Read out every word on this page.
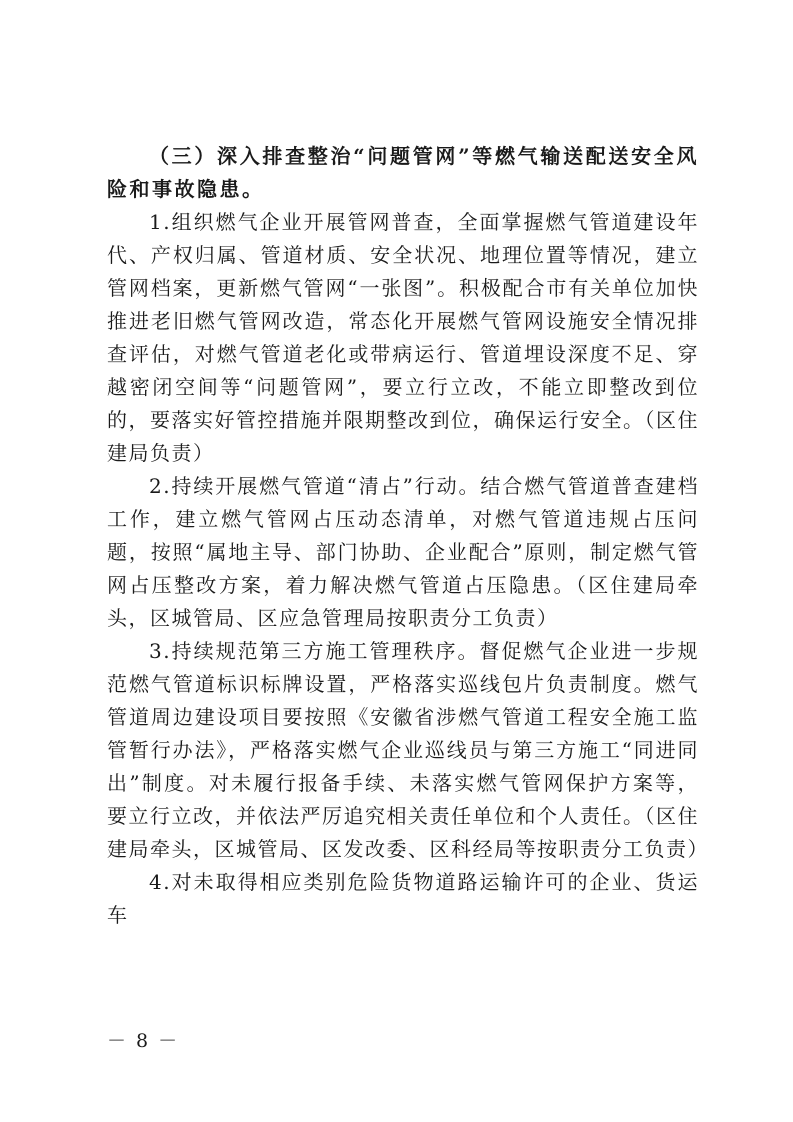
（三）深入排查整治“问题管网”等燃气输送配送安全风险和事故隐患。

1.组织燃气企业开展管网普查，全面掌握燃气管道建设年代、产权归属、管道材质、安全状况、地理位置等情况，建立管网档案，更新燃气管网“一张图”。积极配合市有关单位加快推进老旧燃气管网改造，常态化开展燃气管网设施安全情况排查评估，对燃气管道老化或带病运行、管道埋设深度不足、穿越密闭空间等“问题管网”，要立行立改，不能立即整改到位的，要落实好管控措施并限期整改到位，确保运行安全。（区住建局负责）

2.持续开展燃气管道“清占”行动。结合燃气管道普查建档工作，建立燃气管网占压动态清单，对燃气管道违规占压问题，按照“属地主导、部门协助、企业配合”原则，制定燃气管网占压整改方案，着力解决燃气管道占压隐患。（区住建局牵头，区城管局、区应急管理局按职责分工负责）

3.持续规范第三方施工管理秩序。督促燃气企业进一步规范燃气管道标识标牌设置，严格落实巡线包片负责制度。燃气管道周边建设项目要按照《安徽省涉燃气管道工程安全施工监管暂行办法》，严格落实燃气企业巡线员与第三方施工“同进同出”制度。对未履行报备手续、未落实燃气管网保护方案等，要立行立改，并依法严厉追究相关责任单位和个人责任。（区住建局牵头，区城管局、区发改委、区科经局等按职责分工负责）

4.对未取得相应类别危险货物道路运输许可的企业、货运车

－ 8 －
